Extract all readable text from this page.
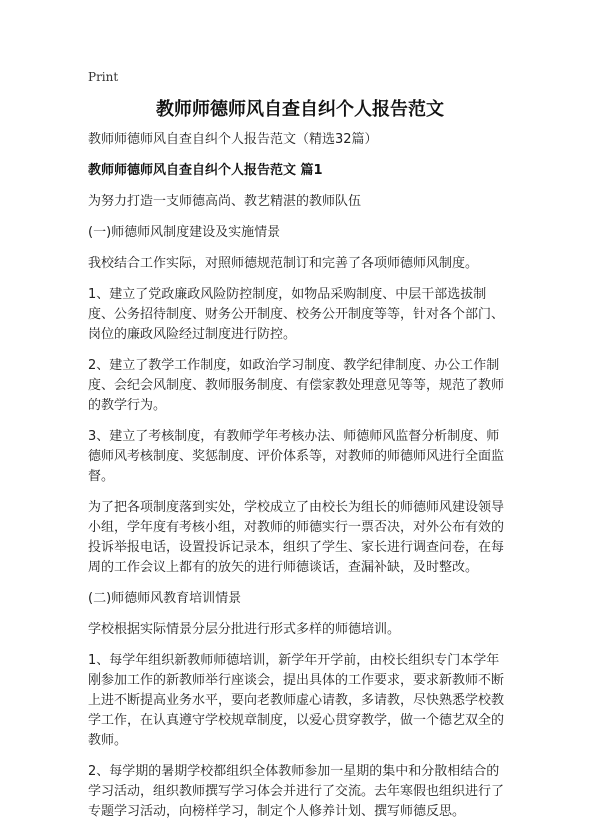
Print
教师师德师风自查自纠个人报告范文

教师师德师风自查自纠个人报告范文（精选32篇）

教师师德师风自查自纠个人报告范文 篇1

为努力打造一支师德高尚、教艺精湛的教师队伍

(一)师德师风制度建设及实施情景

我校结合工作实际，对照师德规范制订和完善了各项师德师风制度。

1、建立了党政廉政风险防控制度，如物品采购制度、中层干部选拔制度、公务招待制度、财务公开制度、校务公开制度等等，针对各个部门、岗位的廉政风险经过制度进行防控。

2、建立了教学工作制度，如政治学习制度、教学纪律制度、办公工作制度、会纪会风制度、教师服务制度、有偿家教处理意见等等，规范了教师的教学行为。

3、建立了考核制度，有教师学年考核办法、师德师风监督分析制度、师德师风考核制度、奖惩制度、评价体系等，对教师的师德师风进行全面监督。

为了把各项制度落到实处，学校成立了由校长为组长的师德师风建设领导小组，学年度有考核小组，对教师的师德实行一票否决，对外公布有效的投诉举报电话，设置投诉记录本，组织了学生、家长进行调查问卷，在每周的工作会议上都有的放矢的进行师德谈话，查漏补缺，及时整改。

(二)师德师风教育培训情景

学校根据实际情景分层分批进行形式多样的师德培训。

1、每学年组织新教师师德培训，新学年开学前，由校长组织专门本学年刚参加工作的新教师举行座谈会，提出具体的工作要求，要求新教师不断上进不断提高业务水平，要向老教师虚心请教，多请教，尽快熟悉学校教学工作，在认真遵守学校规章制度，以爱心贯穿教学，做一个德艺双全的教师。

2、每学期的暑期学校都组织全体教师参加一星期的集中和分散相结合的学习活动，组织教师撰写学习体会并进行了交流。去年寒假也组织进行了专题学习活动，向榜样学习，制定个人修养计划、撰写师德反思。
